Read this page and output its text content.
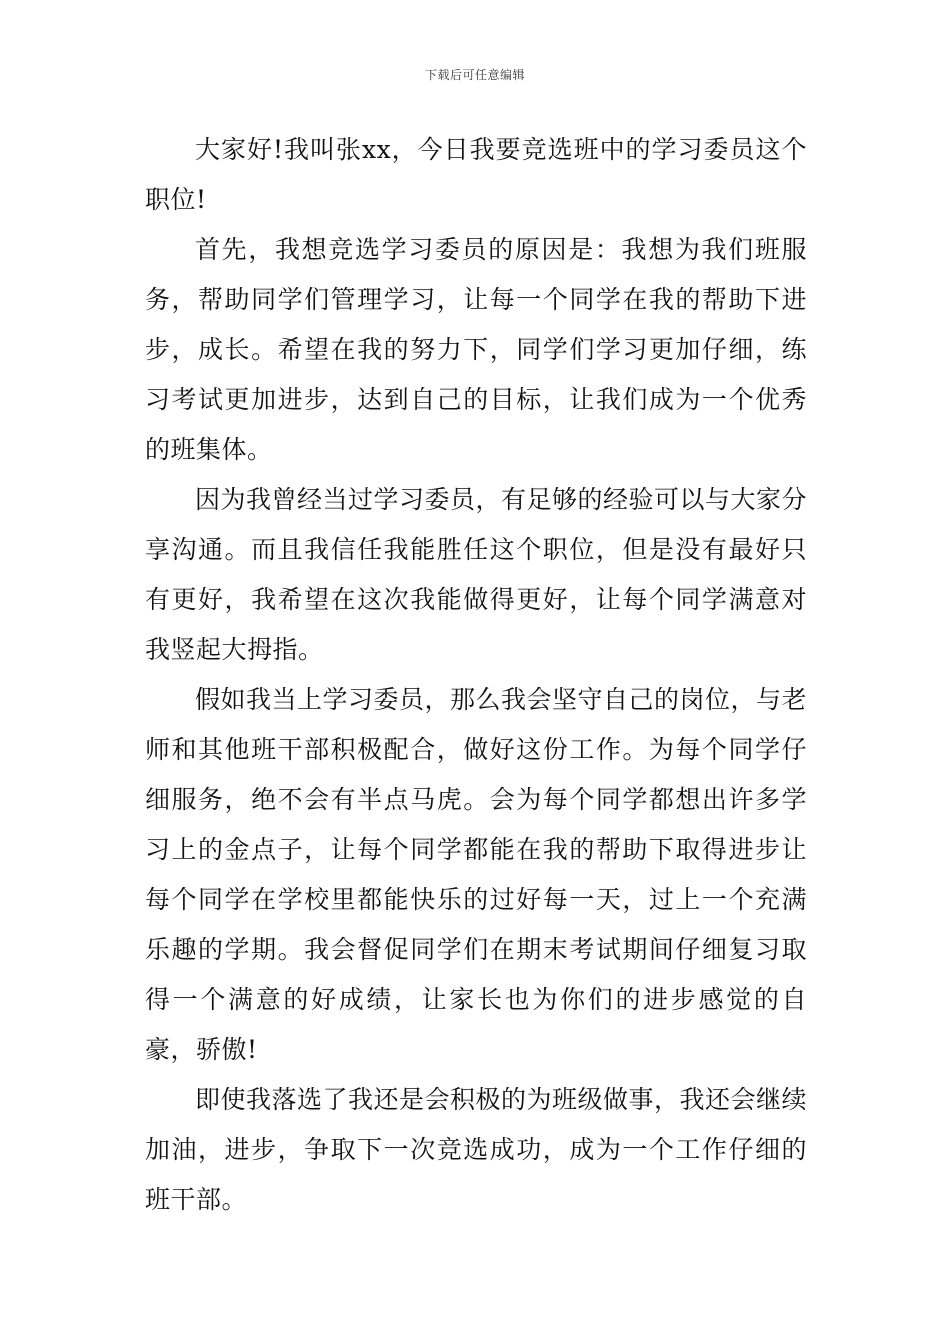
下载后可任意编辑

大家好!我叫张xx，今日我要竞选班中的学习委员这个职位!

首先，我想竞选学习委员的原因是：我想为我们班服务，帮助同学们管理学习，让每一个同学在我的帮助下进步，成长。希望在我的努力下，同学们学习更加仔细，练习考试更加进步，达到自己的目标，让我们成为一个优秀的班集体。

因为我曾经当过学习委员，有足够的经验可以与大家分享沟通。而且我信任我能胜任这个职位，但是没有最好只有更好，我希望在这次我能做得更好，让每个同学满意对我竖起大拇指。

假如我当上学习委员，那么我会坚守自己的岗位，与老师和其他班干部积极配合，做好这份工作。为每个同学仔细服务，绝不会有半点马虎。会为每个同学都想出许多学习上的金点子，让每个同学都能在我的帮助下取得进步让每个同学在学校里都能快乐的过好每一天，过上一个充满乐趣的学期。我会督促同学们在期末考试期间仔细复习取得一个满意的好成绩，让家长也为你们的进步感觉的自豪，骄傲!

即使我落选了我还是会积极的为班级做事，我还会继续加油，进步，争取下一次竞选成功，成为一个工作仔细的班干部。
